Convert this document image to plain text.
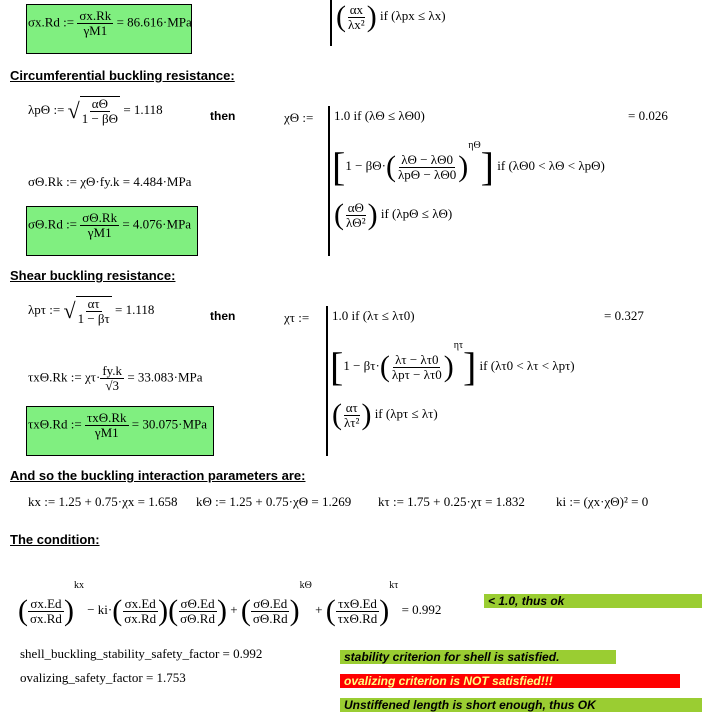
σx.Rd := $\frac{\sigma x.Rk}{\gamma M1} = 86.616\cdot MPa$	( $\frac{\alpha x}{\text{λx²}}$ ) if (λpx ≤ λx)
Circumferential buckling resistance:
λpΘ := √ $\frac{\alpha\Theta}{1 - \beta\Theta} = 1.118$	then	χΘ := 1.0 if (λΘ ≤ λΘ0)	= 0.026
$[1 - \beta\Theta\cdot( \frac{\lambda\Theta - \lambda\Theta 0}{\text{λpΘ − λΘ0}} )^{\eta\Theta}]$ if (λΘ0 < λΘ < λpΘ)
( $\frac{\alpha\Theta}{\text{λΘ²}}$ ) if (λpΘ ≤ λΘ)
σΘ.Rk := χΘ·fy.k = 4.484·MPa
σΘ.Rd := $\frac{\sigma\Theta.Rk}{\gamma M1} = 4.076\cdot MPa$
Shear buckling resistance:
λpτ := √ $\frac{\alpha\tau}{1 - \beta\tau} = 1.118$	then	χτ := 1.0 if (λτ ≤ λτ0)	= 0.327
$[1 - \beta\tau\cdot( \frac{\lambda\tau - \lambda\tau 0}{\text{λpτ − λτ0}} )^{\eta\tau}]$ if (λτ0 < λτ < λpτ)
( $\frac{\alpha\tau}{\text{λτ²}}$ ) if (λpτ ≤ λτ)
τxΘ.Rk := $\chi\tau\cdot \frac{fy.k}{√3} = 33.083\cdot MPa$
τxΘ.Rd := $\frac{\text{τxΘ.Rk}}{\gamma M1} = 30.075\cdot MPa$
And so the buckling interaction parameters are:
kx := 1.25 + 0.75·χx = 1.658 kΘ := 1.25 + 0.75·χΘ = 1.269 kτ := 1.75 + 0.25·χτ = 1.832 ki := (χx·χΘ)² = 0
The condition:
( $\frac{\sigma x.Ed}{\sigma x.Rd} )^{kx} - ki\cdot( \frac{\sigma x.Ed}{\sigma x.Rd}$ )( $\frac{\sigma\Theta.Ed}{\sigma\Theta.Rd}$ ) + ( $\frac{\sigma\Theta.Ed}{\sigma\Theta.Rd} )^{k\Theta}$ + ( $\frac{\text{τxΘ.Ed}}{\text{τxΘ.Rd}} )^{k\tau} = 0.992$
< 1.0, thus ok
shell_buckling_stability_safety_factor = 0.992
ovalizing_safety_factor = 1.753
stability criterion for shell is satisfied.
ovalizing criterion is NOT satisfied!!!
Unstiffened length is short enough, thus OK
